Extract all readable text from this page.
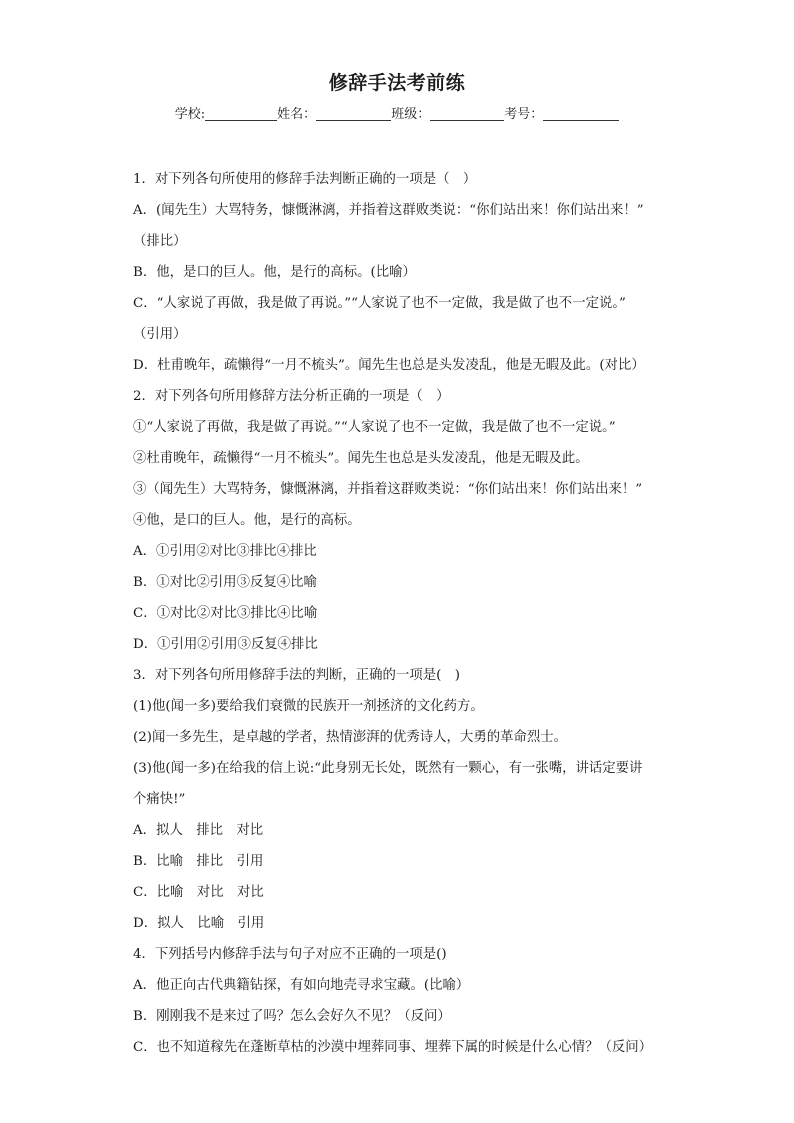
修辞手法考前练
学校:	姓名：	班级：	考号：
1．对下列各句所使用的修辞手法判断正确的一项是（　）
A．(闻先生）大骂特务，慷慨淋漓，并指着这群败类说：“你们站出来！你们站出来！”
（排比）
B．他，是口的巨人。他，是行的高标。(比喻）
C．“人家说了再做，我是做了再说。”“人家说了也不一定做，我是做了也不一定说。”
（引用）
D．杜甫晚年，疏懒得“一月不梳头”。闻先生也总是头发凌乱，他是无暇及此。(对比）
2．对下列各句所用修辞方法分析正确的一项是（　）
①“人家说了再做，我是做了再说。”“人家说了也不一定做，我是做了也不一定说。”
②杜甫晚年，疏懒得“一月不梳头”。闻先生也总是头发凌乱，他是无暇及此。
③（闻先生）大骂特务，慷慨淋漓，并指着这群败类说：“你们站出来！你们站出来！”
④他，是口的巨人。他，是行的高标。
A．①引用②对比③排比④排比
B．①对比②引用③反复④比喻
C．①对比②对比③排比④比喻
D．①引用②引用③反复④排比
3．对下列各句所用修辞手法的判断，正确的一项是(　)
(1)他(闻一多)要给我们衰微的民族开一剂拯济的文化药方。
(2)闻一多先生，是卓越的学者，热情澎湃的优秀诗人，大勇的革命烈士。
(3)他(闻一多)在给我的信上说:“此身别无长处，既然有一颗心，有一张嘴，讲话定要讲
个痛快!”
A．拟人　排比　对比
B．比喻　排比　引用
C．比喻　对比　对比
D．拟人　比喻　引用
4．下列括号内修辞手法与句子对应不正确的一项是()
A．他正向古代典籍钻探，有如向地壳寻求宝藏。(比喻）
B．刚刚我不是来过了吗？怎么会好久不见？（反问）
C．也不知道稼先在蓬断草枯的沙漠中埋葬同事、埋葬下属的时候是什么心情？（反问）
